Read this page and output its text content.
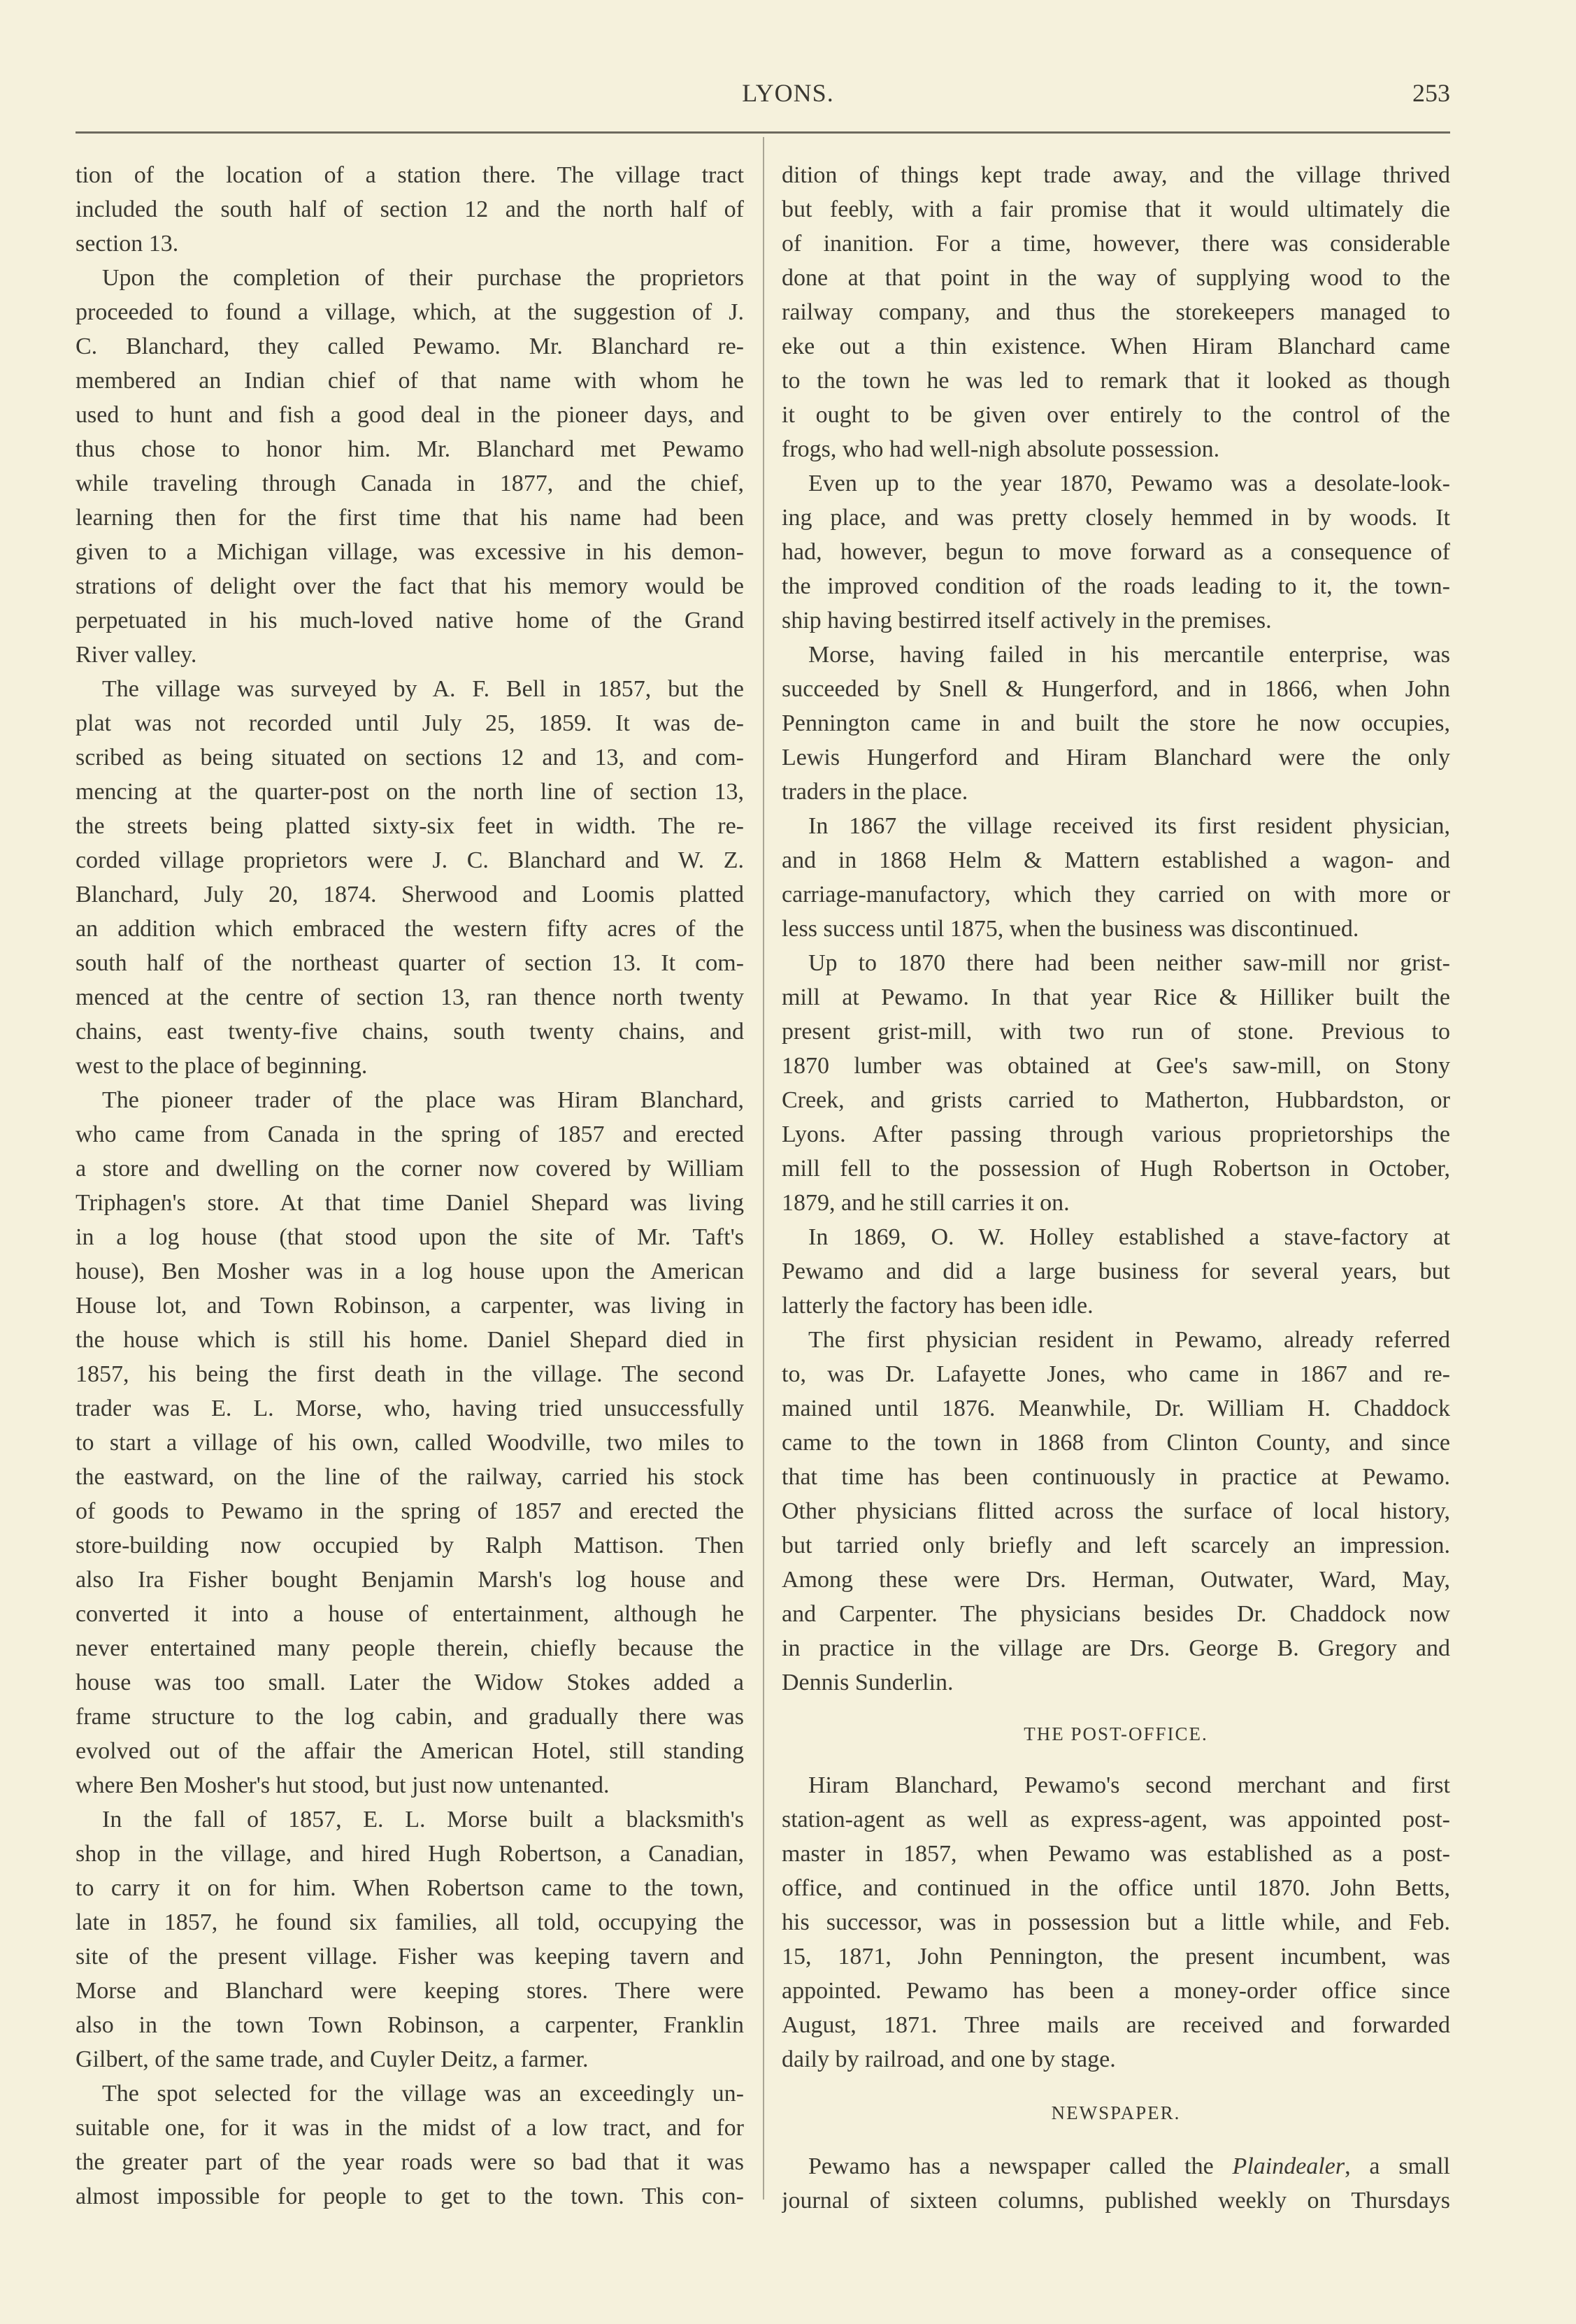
LYONS.	253
tion of the location of a station there. The village tract
included the south half of section 12 and the north half of
section 13.
Upon the completion of their purchase the proprietors
proceeded to found a village, which, at the suggestion of J.
C. Blanchard, they called Pewamo. Mr. Blanchard re-
membered an Indian chief of that name with whom he
used to hunt and fish a good deal in the pioneer days, and
thus chose to honor him. Mr. Blanchard met Pewamo
while traveling through Canada in 1877, and the chief,
learning then for the first time that his name had been
given to a Michigan village, was excessive in his demon-
strations of delight over the fact that his memory would be
perpetuated in his much-loved native home of the Grand
River valley.
The village was surveyed by A. F. Bell in 1857, but the
plat was not recorded until July 25, 1859. It was de-
scribed as being situated on sections 12 and 13, and com-
mencing at the quarter-post on the north line of section 13,
the streets being platted sixty-six feet in width. The re-
corded village proprietors were J. C. Blanchard and W. Z.
Blanchard, July 20, 1874. Sherwood and Loomis platted
an addition which embraced the western fifty acres of the
south half of the northeast quarter of section 13. It com-
menced at the centre of section 13, ran thence north twenty
chains, east twenty-five chains, south twenty chains, and
west to the place of beginning.
The pioneer trader of the place was Hiram Blanchard,
who came from Canada in the spring of 1857 and erected
a store and dwelling on the corner now covered by William
Triphagen's store. At that time Daniel Shepard was living
in a log house (that stood upon the site of Mr. Taft's
house), Ben Mosher was in a log house upon the American
House lot, and Town Robinson, a carpenter, was living in
the house which is still his home. Daniel Shepard died in
1857, his being the first death in the village. The second
trader was E. L. Morse, who, having tried unsuccessfully
to start a village of his own, called Woodville, two miles to
the eastward, on the line of the railway, carried his stock
of goods to Pewamo in the spring of 1857 and erected the
store-building now occupied by Ralph Mattison. Then
also Ira Fisher bought Benjamin Marsh's log house and
converted it into a house of entertainment, although he
never entertained many people therein, chiefly because the
house was too small. Later the Widow Stokes added a
frame structure to the log cabin, and gradually there was
evolved out of the affair the American Hotel, still standing
where Ben Mosher's hut stood, but just now untenanted.
In the fall of 1857, E. L. Morse built a blacksmith's
shop in the village, and hired Hugh Robertson, a Canadian,
to carry it on for him. When Robertson came to the town,
late in 1857, he found six families, all told, occupying the
site of the present village. Fisher was keeping tavern and
Morse and Blanchard were keeping stores. There were
also in the town Town Robinson, a carpenter, Franklin
Gilbert, of the same trade, and Cuyler Deitz, a farmer.
The spot selected for the village was an exceedingly un-
suitable one, for it was in the midst of a low tract, and for
the greater part of the year roads were so bad that it was
almost impossible for people to get to the town. This con-
dition of things kept trade away, and the village thrived
but feebly, with a fair promise that it would ultimately die
of inanition. For a time, however, there was considerable
done at that point in the way of supplying wood to the
railway company, and thus the storekeepers managed to
eke out a thin existence. When Hiram Blanchard came
to the town he was led to remark that it looked as though
it ought to be given over entirely to the control of the
frogs, who had well-nigh absolute possession.
Even up to the year 1870, Pewamo was a desolate-look-
ing place, and was pretty closely hemmed in by woods. It
had, however, begun to move forward as a consequence of
the improved condition of the roads leading to it, the town-
ship having bestirred itself actively in the premises.
Morse, having failed in his mercantile enterprise, was
succeeded by Snell & Hungerford, and in 1866, when John
Pennington came in and built the store he now occupies,
Lewis Hungerford and Hiram Blanchard were the only
traders in the place.
In 1867 the village received its first resident physician,
and in 1868 Helm & Mattern established a wagon- and
carriage-manufactory, which they carried on with more or
less success until 1875, when the business was discontinued.
Up to 1870 there had been neither saw-mill nor grist-
mill at Pewamo. In that year Rice & Hilliker built the
present grist-mill, with two run of stone. Previous to
1870 lumber was obtained at Gee's saw-mill, on Stony
Creek, and grists carried to Matherton, Hubbardston, or
Lyons. After passing through various proprietorships the
mill fell to the possession of Hugh Robertson in October,
1879, and he still carries it on.
In 1869, O. W. Holley established a stave-factory at
Pewamo and did a large business for several years, but
latterly the factory has been idle.
The first physician resident in Pewamo, already referred
to, was Dr. Lafayette Jones, who came in 1867 and re-
mained until 1876. Meanwhile, Dr. William H. Chaddock
came to the town in 1868 from Clinton County, and since
that time has been continuously in practice at Pewamo.
Other physicians flitted across the surface of local history,
but tarried only briefly and left scarcely an impression.
Among these were Drs. Herman, Outwater, Ward, May,
and Carpenter. The physicians besides Dr. Chaddock now
in practice in the village are Drs. George B. Gregory and
Dennis Sunderlin.
THE POST-OFFICE.
Hiram Blanchard, Pewamo's second merchant and first
station-agent as well as express-agent, was appointed post-
master in 1857, when Pewamo was established as a post-
office, and continued in the office until 1870. John Betts,
his successor, was in possession but a little while, and Feb.
15, 1871, John Pennington, the present incumbent, was
appointed. Pewamo has been a money-order office since
August, 1871. Three mails are received and forwarded
daily by railroad, and one by stage.
NEWSPAPER.
Pewamo has a newspaper called the Plaindealer, a small
journal of sixteen columns, published weekly on Thursdays
